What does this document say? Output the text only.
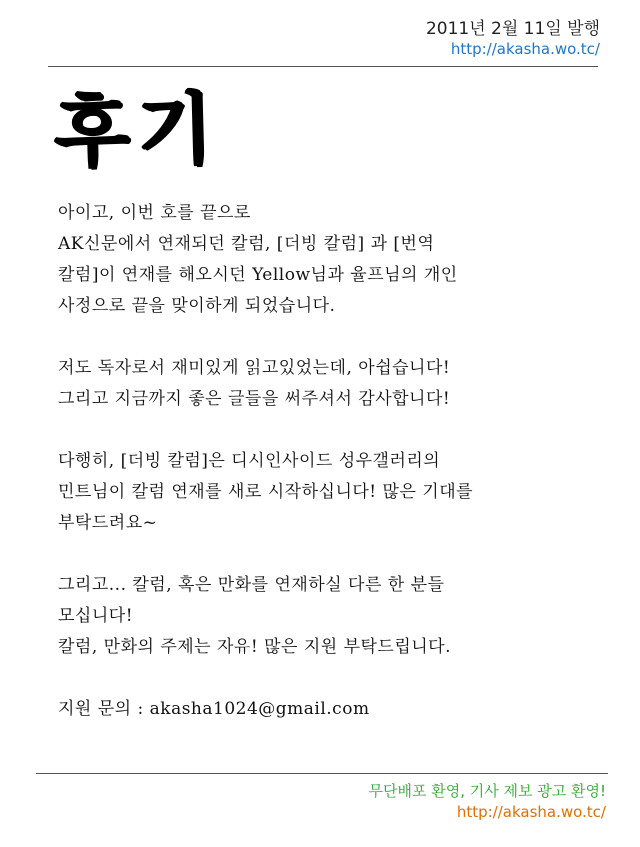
2011년 2월 11일 발행
http://akasha.wo.tc/
후기
아이고, 이번 호를 끝으로
AK신문에서 연재되던 칼럼, [더빙 칼럼] 과 [번역
칼럼]이 연재를 해오시던 Yellow님과 율프님의 개인
사정으로 끝을 맞이하게 되었습니다.
저도 독자로서 재미있게 읽고있었는데, 아쉽습니다!
그리고 지금까지 좋은 글들을 써주셔서 감사합니다!
다행히, [더빙 칼럼]은 디시인사이드 성우갤러리의
민트님이 칼럼 연재를 새로 시작하십니다! 많은 기대를
부탁드려요~
그리고... 칼럼, 혹은 만화를 연재하실 다른 한 분들
모십니다!
칼럼, 만화의 주제는 자유! 많은 지원 부탁드립니다.
지원 문의 : akasha1024@gmail.com
무단배포 환영, 기사 제보 광고 환영!
http://akasha.wo.tc/
